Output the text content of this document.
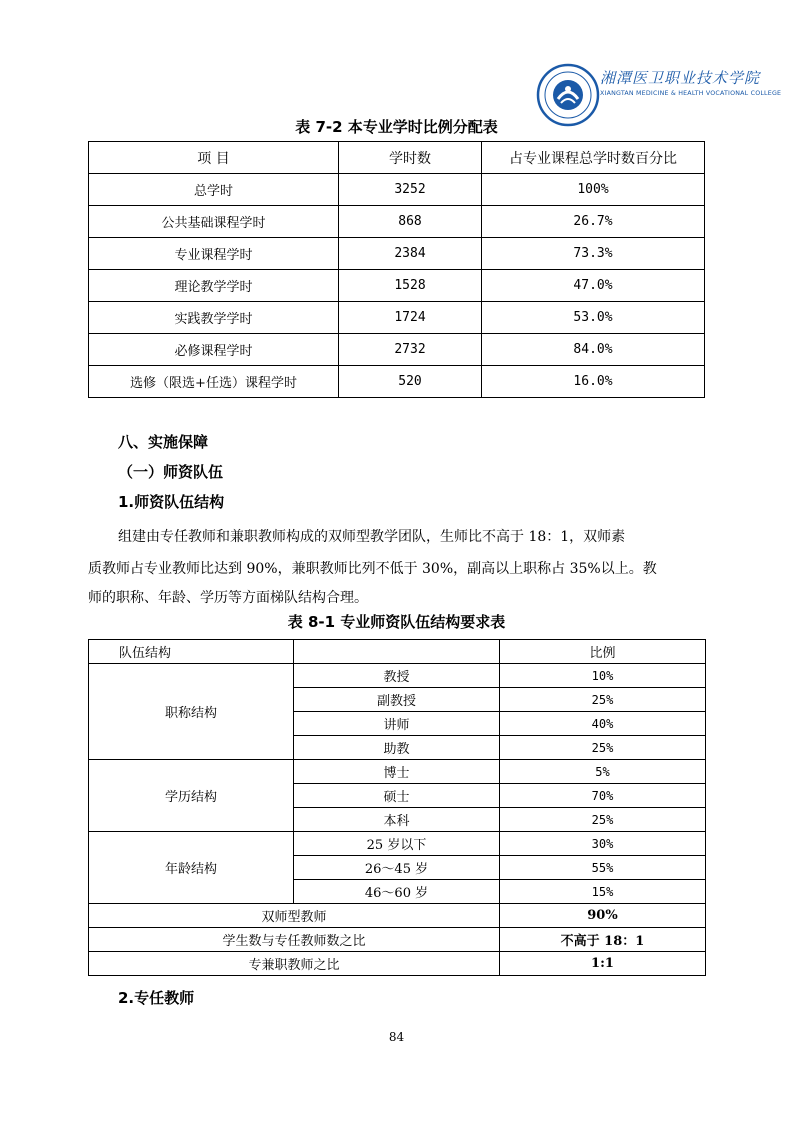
湘潭医卫职业技术学院
XIANGTAN MEDICINE & HEALTH VOCATIONAL COLLEGE
表 7-2 本专业学时比例分配表
项 目	学时数	占专业课程总学时数百分比
总学时	3252	100%
公共基础课程学时	868	26.7%
专业课程学时	2384	73.3%
理论教学学时	1528	47.0%
实践教学学时	1724	53.0%
必修课程学时	2732	84.0%
选修（限选+任选）课程学时	520	16.0%
八、实施保障
（一）师资队伍
1.师资队伍结构
组建由专任教师和兼职教师构成的双师型教学团队，生师比不高于 18：1，双师素
质教师占专业教师比达到 90%，兼职教师比列不低于 30%，副高以上职称占 35%以上。教
师的职称、年龄、学历等方面梯队结构合理。
表 8-1 专业师资队伍结构要求表
队伍结构		比例
职称结构	教授	10%
	副教授	25%
	讲师	40%
	助教	25%
学历结构	博士	5%
	硕士	70%
	本科	25%
年龄结构	25 岁以下	30%
	26～45 岁	55%
	46～60 岁	15%
双师型教师		90%
学生数与专任教师数之比		不高于 18：1
专兼职教师之比		1:1
2.专任教师
84
